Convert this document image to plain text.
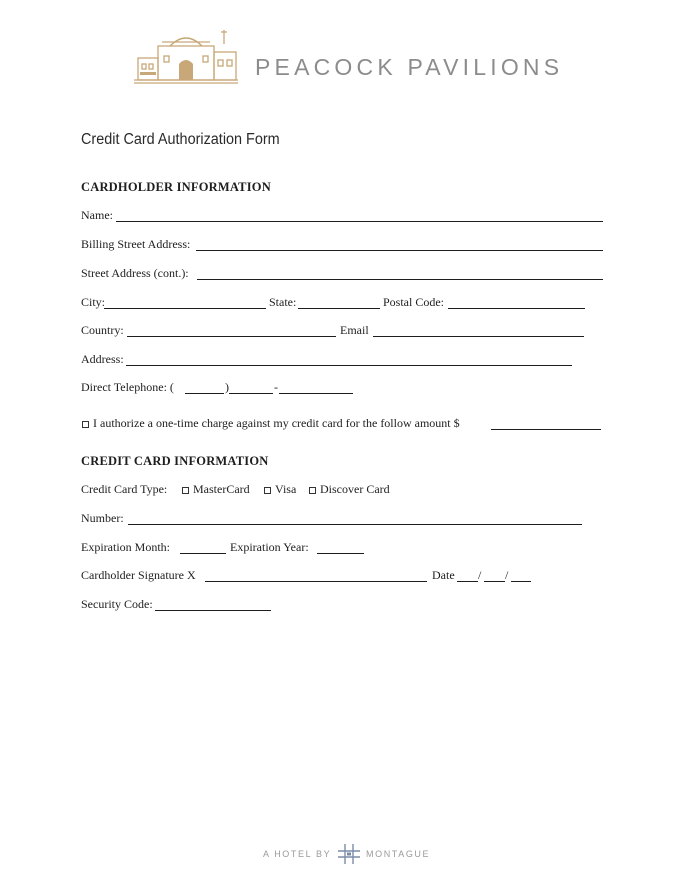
PEACOCK PAVILIONS
Credit Card Authorization Form
CARDHOLDER INFORMATION
Name:
Billing Street Address:
Street Address (cont.):
City:	State:	Postal Code:
Country:	Email
Address:
Direct Telephone: (	)	-
I authorize a one-time charge against my credit card for the follow amount $
CREDIT CARD INFORMATION
Credit Card Type: MasterCard Visa Discover Card
Number:
Expiration Month:	Expiration Year:
Cardholder Signature X	Date / /
Security Code:
A HOTEL BY	MONTAGUE
